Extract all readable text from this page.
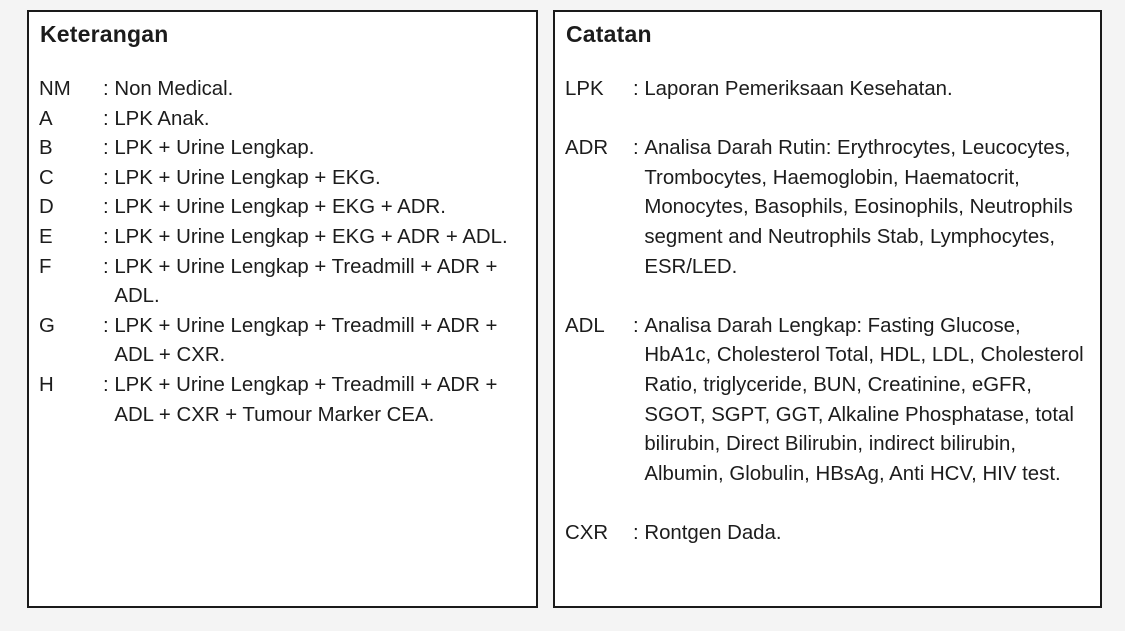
Keterangan
NM	: Non Medical.
A	: LPK Anak.
B	: LPK + Urine Lengkap.
C	: LPK + Urine Lengkap + EKG.
D	: LPK + Urine Lengkap + EKG + ADR.
E	: LPK + Urine Lengkap + EKG + ADR + ADL.
F	: LPK + Urine Lengkap + Treadmill + ADR + ADL.
G	: LPK + Urine Lengkap + Treadmill + ADR + ADL + CXR.
H	: LPK + Urine Lengkap + Treadmill + ADR + ADL + CXR + Tumour Marker CEA.
Catatan
LPK	: Laporan Pemeriksaan Kesehatan.
ADR	: Analisa Darah Rutin: Erythrocytes, Leucocytes, Trombocytes, Haemoglobin, Haematocrit, Monocytes, Basophils, Eosinophils, Neutrophils segment and Neutrophils Stab, Lymphocytes, ESR/LED.
ADL	: Analisa Darah Lengkap: Fasting Glucose, HbA1c, Cholesterol Total, HDL, LDL, Cholesterol Ratio, triglyceride, BUN, Creatinine, eGFR, SGOT, SGPT, GGT, Alkaline Phosphatase, total bilirubin, Direct Bilirubin, indirect bilirubin, Albumin, Globulin, HBsAg, Anti HCV, HIV test.
CXR	: Rontgen Dada.
